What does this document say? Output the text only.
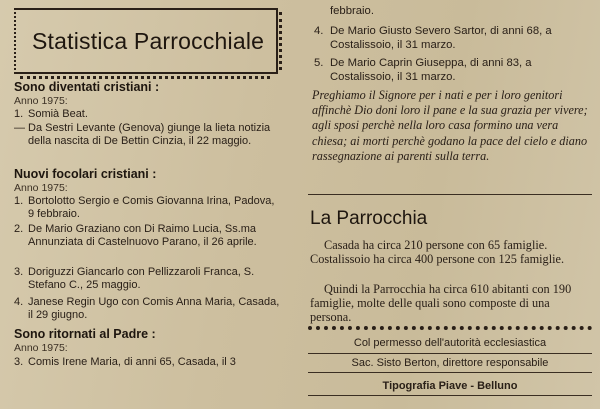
Statistica Parrocchiale
Sono diventati cristiani :
Anno 1975:
1. Somià Beat.
— Da Sestri Levante (Genova) giunge la lieta notizia della nascita di De Bettin Cinzia, il 22 maggio.
Nuovi focolari cristiani :
Anno 1975:
1. Bortolotto Sergio e Comis Giovanna Irina, Padova, 9 febbraio.
2. De Mario Graziano con Di Raimo Lucia, Ss.ma Annunziata di Castelnuovo Parano, il 26 aprile.
3. Doriguzzi Giancarlo con Pellizzaroli Franca, S. Stefano C., 25 maggio.
4. Janese Regin Ugo con Comis Anna Maria, Casada, il 29 giugno.
Sono ritornati al Padre :
Anno 1975:
3. Comis Irene Maria, di anni 65, Casada, il 3
febbraio.
4. De Mario Giusto Severo Sartor, di anni 68, a Costalissoio, il 31 marzo.
5. De Mario Caprin Giuseppa, di anni 83, a Costalissoio, il 31 marzo.
Preghiamo il Signore per i nati e per i loro genitori affinchè Dio doni loro il pane e la sua grazia per vivere; agli sposi perchè nella loro casa formino una vera chiesa; ai morti perchè godano la pace del cielo e diano rassegnazione ai parenti sulla terra.
La Parrocchia
Casada ha circa 210 persone con 65 famiglie. Costalissoio ha circa 400 persone con 125 famiglie.
Quindi la Parrocchia ha circa 610 abitanti con 190 famiglie, molte delle quali sono composte di una persona.
Col permesso dell'autorità ecclesiastica
Sac. Sisto Berton, direttore responsabile
Tipografia Piave - Belluno
